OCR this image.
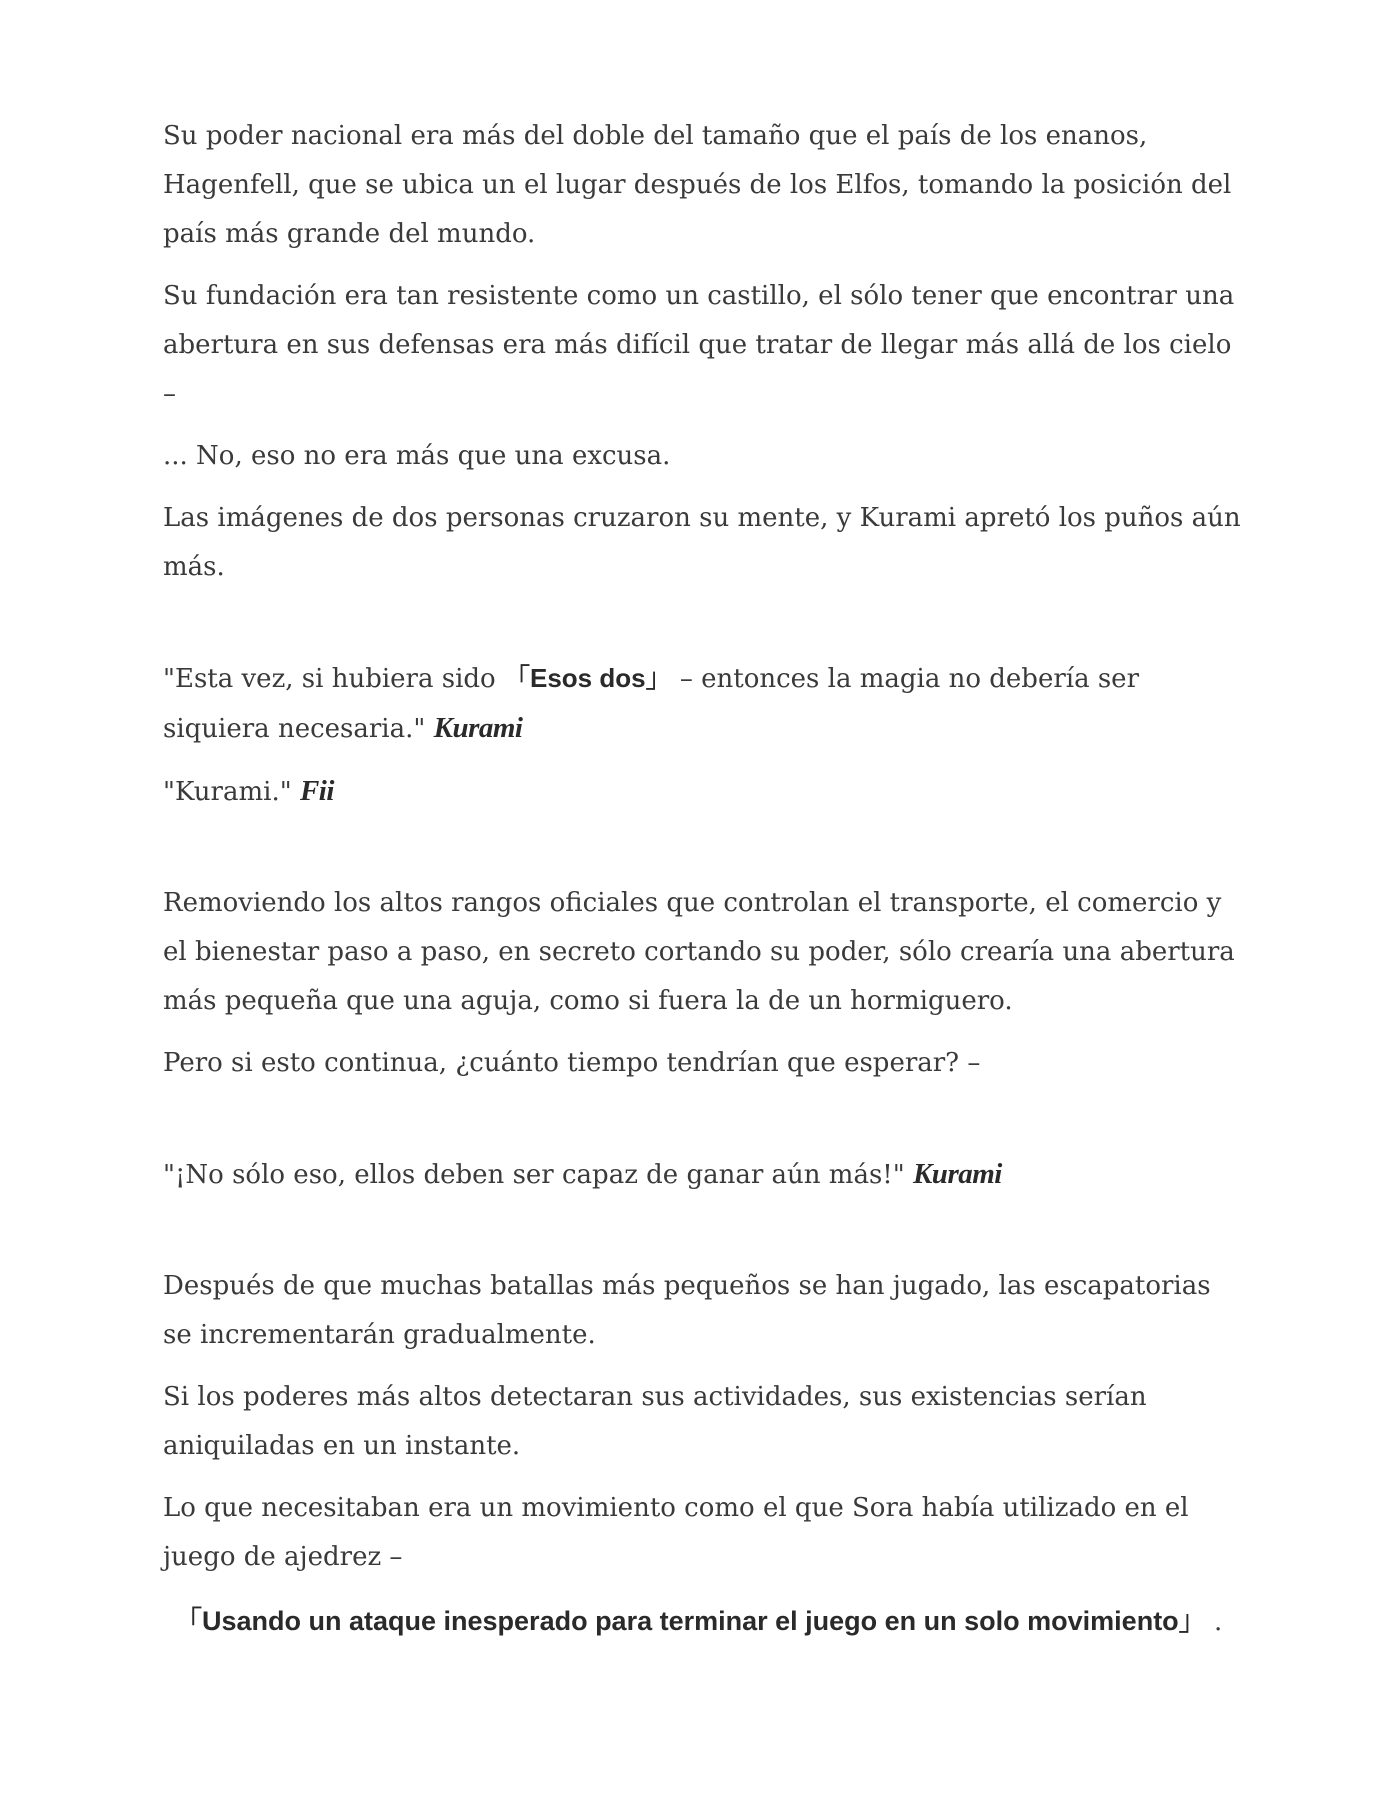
Su poder nacional era más del doble del tamaño que el país de los enanos, Hagenfell, que se ubica un el lugar después de los Elfos, tomando la posición del país más grande del mundo.

Su fundación era tan resistente como un castillo, el sólo tener que encontrar una abertura en sus defensas era más difícil que tratar de llegar más allá de los cielo –

... No, eso no era más que una excusa.

Las imágenes de dos personas cruzaron su mente, y Kurami apretó los puños aún más.

"Esta vez, si hubiera sido 「Esos dos」 – entonces la magia no debería ser siquiera necesaria." Kurami

"Kurami." Fii

Removiendo los altos rangos oficiales que controlan el transporte, el comercio y el bienestar paso a paso, en secreto cortando su poder, sólo crearía una abertura más pequeña que una aguja, como si fuera la de un hormiguero.

Pero si esto continua, ¿cuánto tiempo tendrían que esperar? –

"¡No sólo eso, ellos deben ser capaz de ganar aún más!" Kurami

Después de que muchas batallas más pequeños se han jugado, las escapatorias se incrementarán gradualmente.

Si los poderes más altos detectaran sus actividades, sus existencias serían aniquiladas en un instante.

Lo que necesitaban era un movimiento como el que Sora había utilizado en el juego de ajedrez –

「Usando un ataque inesperado para terminar el juego en un solo movimiento」 .
